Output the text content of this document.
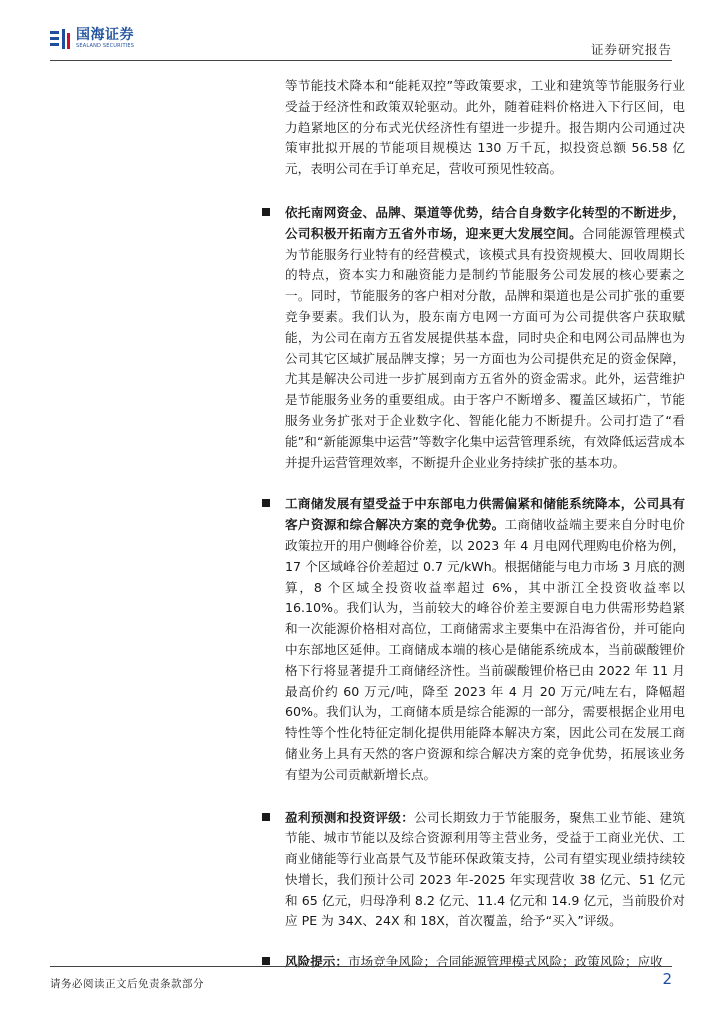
国海证券
SEALAND SECURITIES	证券研究报告

等节能技术降本和“能耗双控”等政策要求，工业和建筑等节能服务行业受益于经济性和政策双轮驱动。此外，随着硅料价格进入下行区间，电力趋紧地区的分布式光伏经济性有望进一步提升。报告期内公司通过决策审批拟开展的节能项目规模达 130 万千瓦，拟投资总额 56.58 亿元，表明公司在手订单充足，营收可预见性较高。

依托南网资金、品牌、渠道等优势，结合自身数字化转型的不断进步，公司积极开拓南方五省外市场，迎来更大发展空间。合同能源管理模式为节能服务行业特有的经营模式，该模式具有投资规模大、回收周期长的特点，资本实力和融资能力是制约节能服务公司发展的核心要素之一。同时，节能服务的客户相对分散，品牌和渠道也是公司扩张的重要竞争要素。我们认为，股东南方电网一方面可为公司提供客户获取赋能，为公司在南方五省发展提供基本盘，同时央企和电网公司品牌也为公司其它区域扩展品牌支撑；另一方面也为公司提供充足的资金保障，尤其是解决公司进一步扩展到南方五省外的资金需求。此外，运营维护是节能服务业务的重要组成。由于客户不断增多、覆盖区域拓广，节能服务业务扩张对于企业数字化、智能化能力不断提升。公司打造了“看能”和“新能源集中运营”等数字化集中运营管理系统，有效降低运营成本并提升运营管理效率，不断提升企业业务持续扩张的基本功。

工商储发展有望受益于中东部电力供需偏紧和储能系统降本，公司具有客户资源和综合解决方案的竞争优势。工商储收益端主要来自分时电价政策拉开的用户侧峰谷价差，以 2023 年 4 月电网代理购电价格为例，17 个区域峰谷价差超过 0.7 元/kWh。根据储能与电力市场 3 月底的测算，8 个区域全投资收益率超过 6%，其中浙江全投资收益率以 16.10%。我们认为，当前较大的峰谷价差主要源自电力供需形势趋紧和一次能源价格相对高位，工商储需求主要集中在沿海省份，并可能向中东部地区延伸。工商储成本端的核心是储能系统成本，当前碳酸锂价格下行将显著提升工商储经济性。当前碳酸锂价格已由 2022 年 11 月最高价约 60 万元/吨，降至 2023 年 4 月 20 万元/吨左右，降幅超 60%。我们认为，工商储本质是综合能源的一部分，需要根据企业用电特性等个性化特征定制化提供用能降本解决方案，因此公司在发展工商储业务上具有天然的客户资源和综合解决方案的竞争优势，拓展该业务有望为公司贡献新增长点。

盈利预测和投资评级：公司长期致力于节能服务，聚焦工业节能、建筑节能、城市节能以及综合资源利用等主营业务，受益于工商业光伏、工商业储能等行业高景气及节能环保政策支持，公司有望实现业绩持续较快增长，我们预计公司 2023 年-2025 年实现营收 38 亿元、51 亿元和 65 亿元，归母净利 8.2 亿元、11.4 亿元和 14.9 亿元，当前股价对应 PE 为 34X、24X 和 18X，首次覆盖，给予“买入”评级。

风险提示：市场竞争风险；合同能源管理模式风险；政策风险；应收

请务必阅读正文后免责条款部分	2
